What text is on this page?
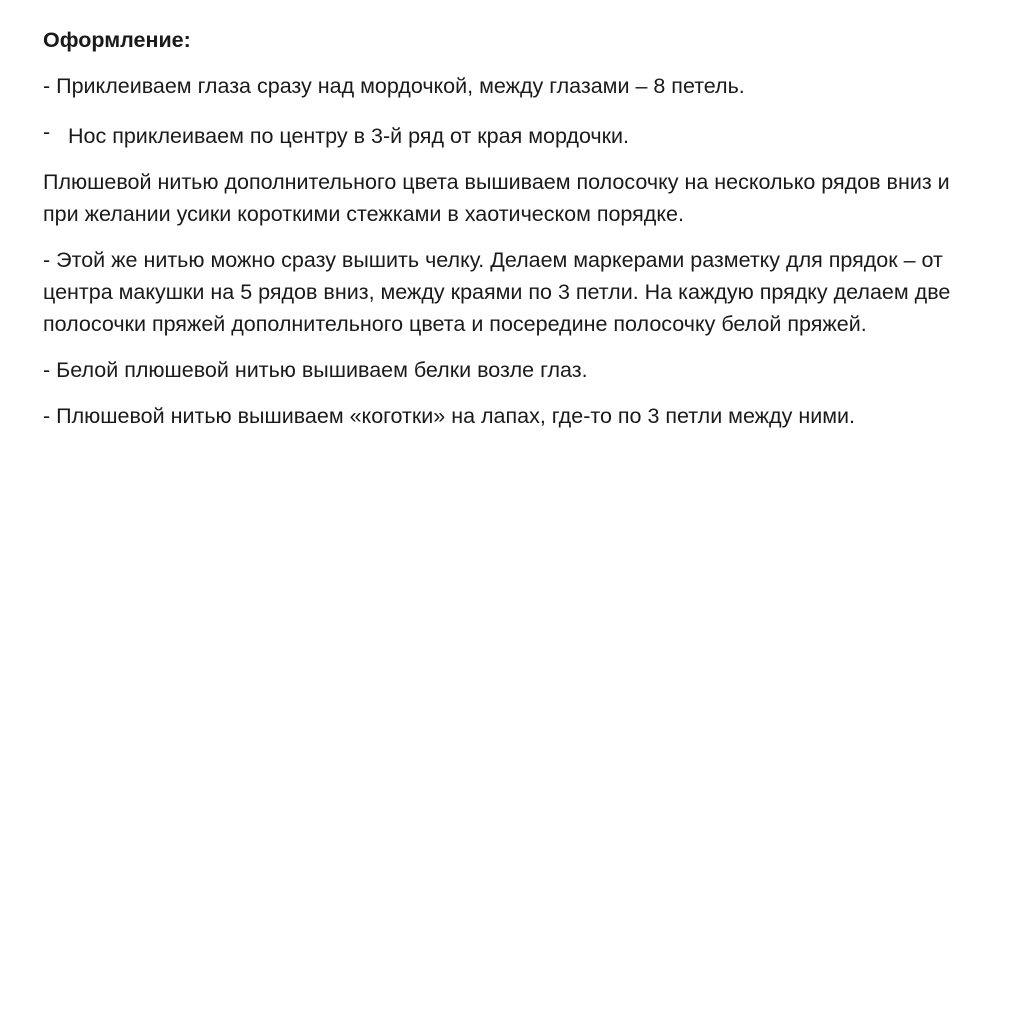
Оформление:

- Приклеиваем глаза сразу над мордочкой, между глазами – 8 петель.

- Нос приклеиваем по центру в 3-й ряд от края мордочки.

Плюшевой нитью дополнительного цвета вышиваем полосочку на несколько рядов вниз и при желании усики короткими стежками в хаотическом порядке.

- Этой же нитью можно сразу вышить челку. Делаем маркерами разметку для прядок – от центра макушки на 5 рядов вниз, между краями по 3 петли. На каждую прядку делаем две полосочки пряжей дополнительного цвета и посередине полосочку белой пряжей.

- Белой плюшевой нитью вышиваем белки возле глаз.

- Плюшевой нитью вышиваем «коготки» на лапах, где-то по 3 петли между ними.
